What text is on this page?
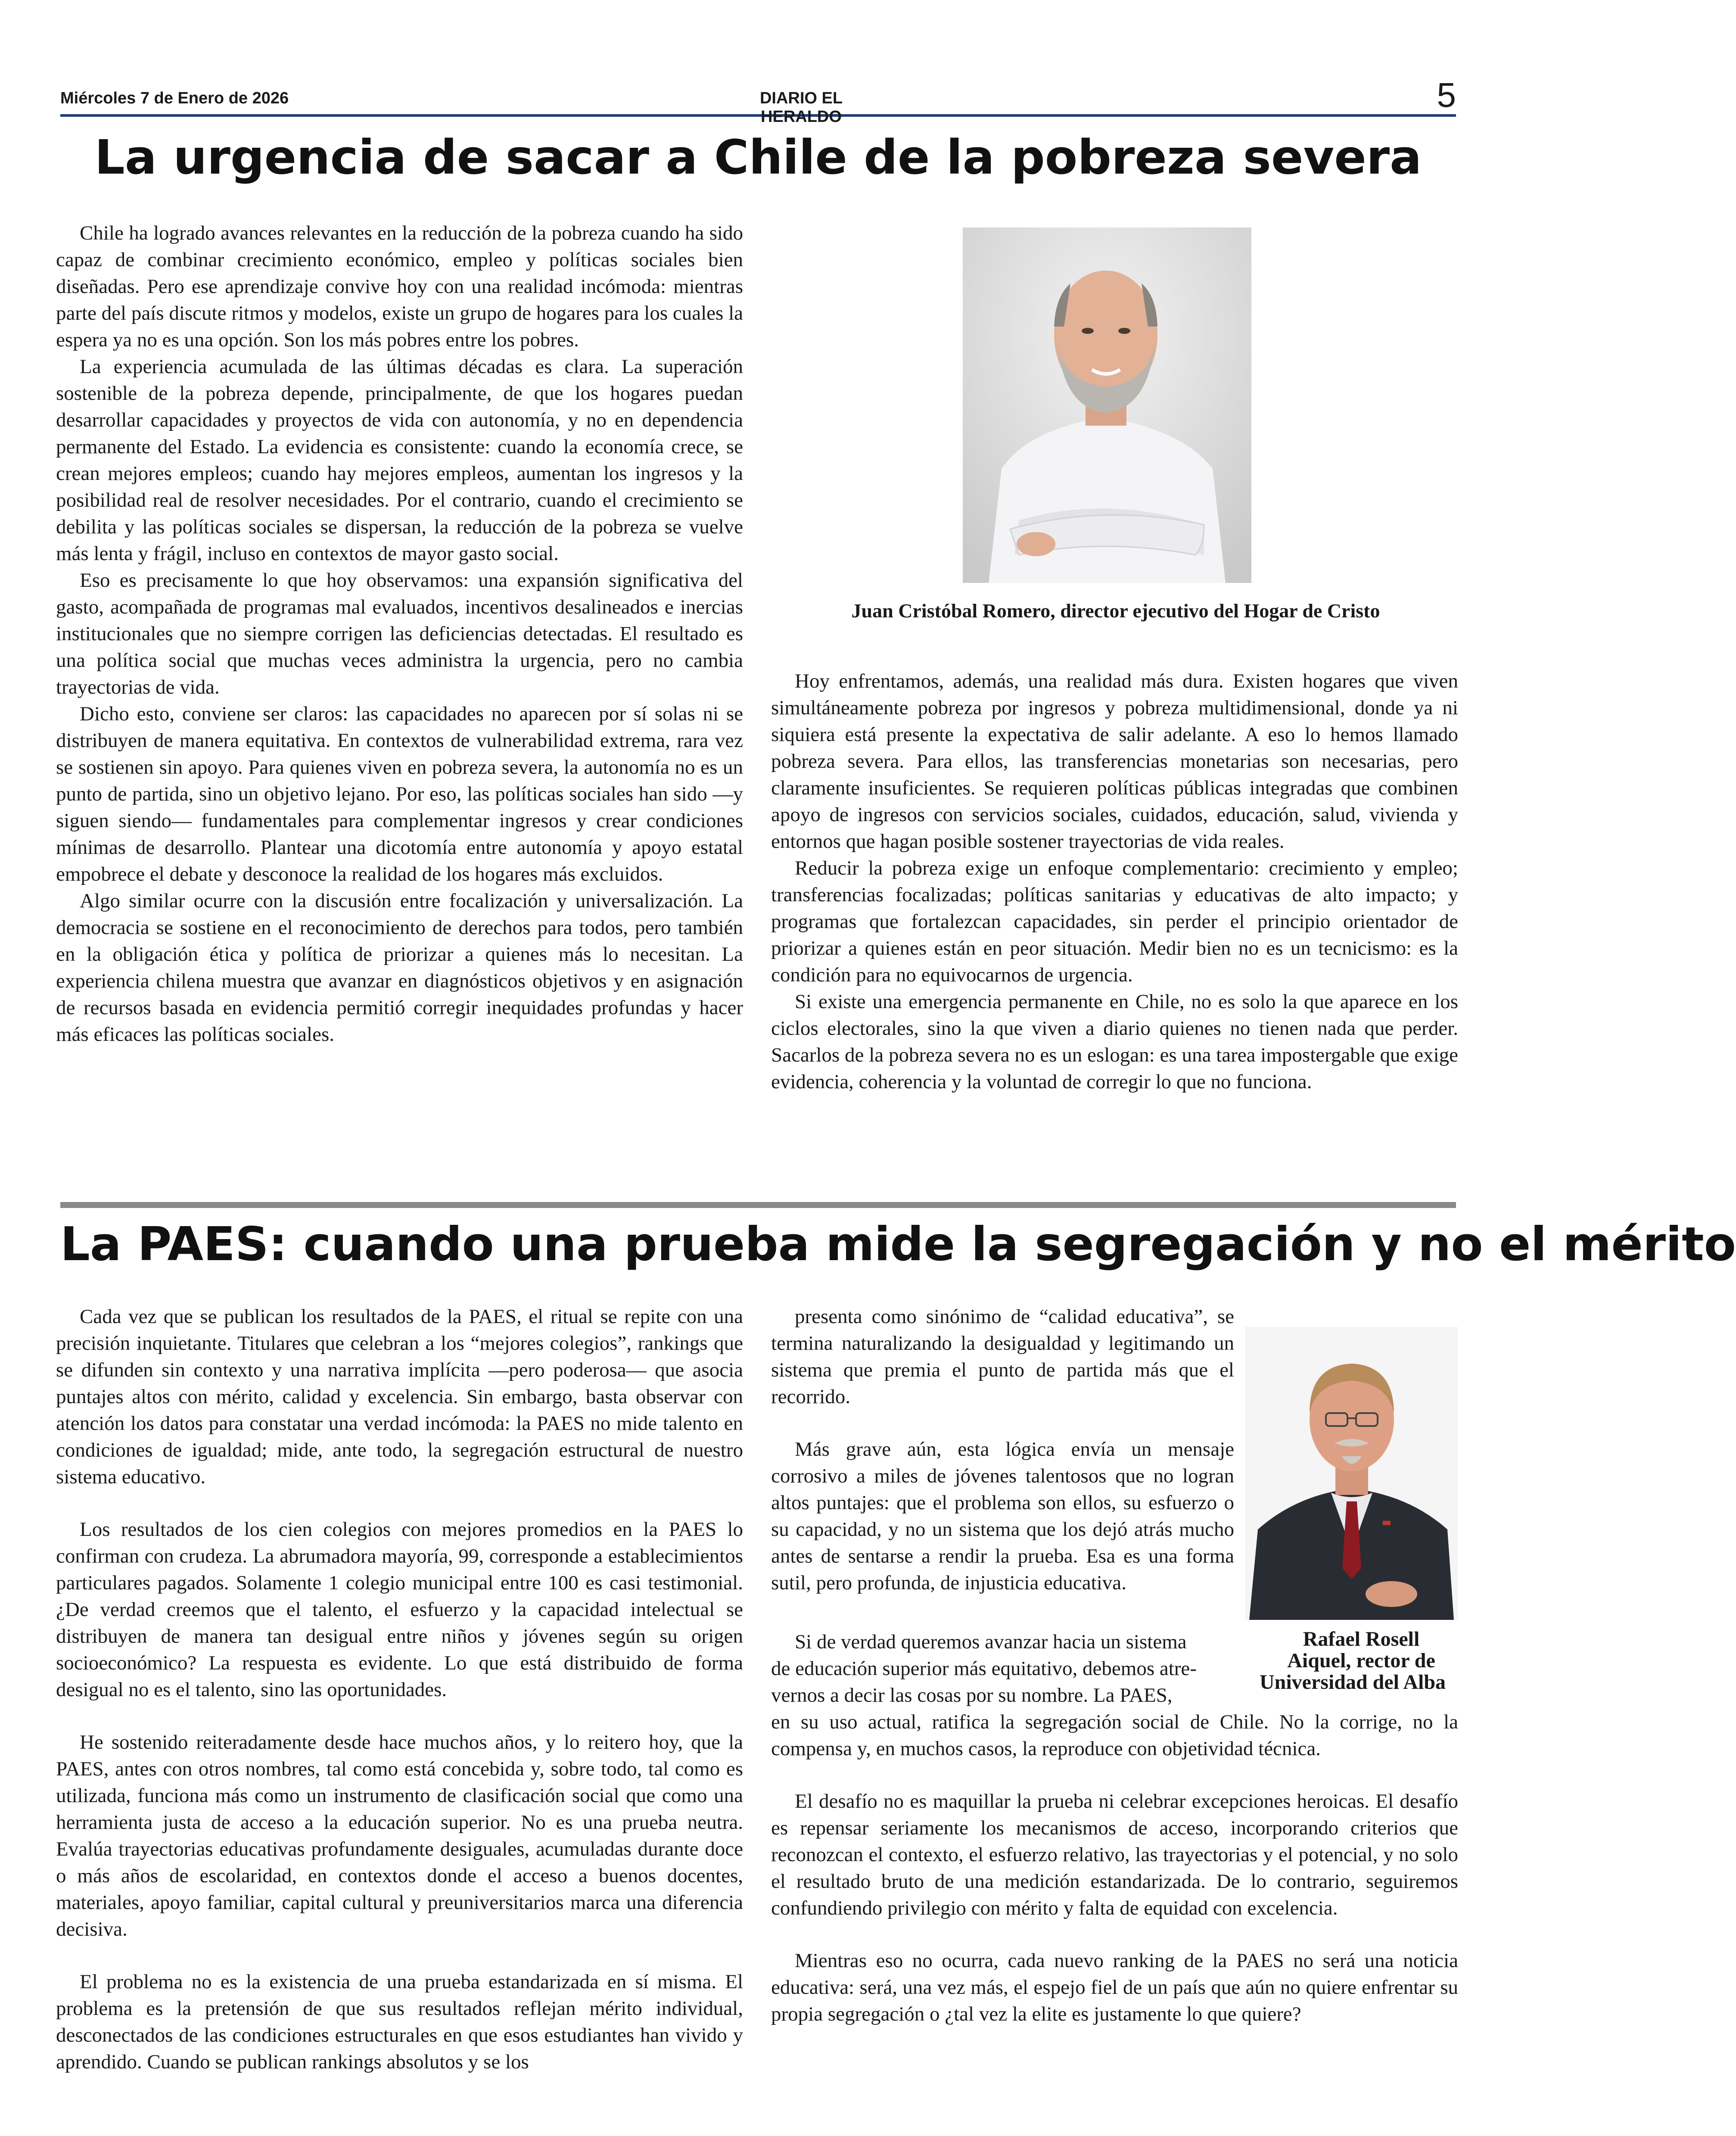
Miércoles 7 de Enero de 2026	DIARIO EL HERALDO
5
La urgencia de sacar a Chile de la pobreza severa

Chile ha logrado avances relevantes en la reducción de la pobreza cuando ha sido capaz de combinar crecimiento económico, empleo y políticas sociales bien diseñadas. Pero ese aprendizaje convive hoy con una realidad incómoda: mientras parte del país discute ritmos y modelos, existe un grupo de hogares para los cuales la espera ya no es una opción. Son los más pobres entre los pobres.

La experiencia acumulada de las últimas décadas es clara. La superación sostenible de la pobreza depende, principalmente, de que los hogares puedan desarrollar capacidades y proyectos de vida con autonomía, y no en dependencia permanente del Estado. La evidencia es consistente: cuando la economía crece, se crean mejores empleos; cuando hay mejores empleos, aumentan los ingresos y la posibilidad real de resolver necesidades. Por el contrario, cuando el crecimiento se debilita y las políticas sociales se dispersan, la reducción de la pobreza se vuelve más lenta y frágil, incluso en contextos de mayor gasto social.

Eso es precisamente lo que hoy observamos: una expansión significativa del gasto, acompañada de programas mal evaluados, incentivos desalineados e inercias institucionales que no siempre corrigen las deficiencias detectadas. El resultado es una política social que muchas veces administra la urgencia, pero no cambia trayectorias de vida.

Dicho esto, conviene ser claros: las capacidades no aparecen por sí solas ni se distribuyen de manera equitativa. En contextos de vulnerabilidad extrema, rara vez se sostienen sin apoyo. Para quienes viven en pobreza severa, la autonomía no es un punto de partida, sino un objetivo lejano. Por eso, las políticas sociales han sido —y siguen siendo— fundamentales para complementar ingresos y crear condiciones mínimas de desarrollo. Plantear una dicotomía entre autonomía y apoyo estatal empobrece el debate y desconoce la realidad de los hogares más excluidos.

Algo similar ocurre con la discusión entre focalización y universalización. La democracia se sostiene en el reconocimiento de derechos para todos, pero también en la obligación ética y política de priorizar a quienes más lo necesitan. La experiencia chilena muestra que avanzar en diagnósticos objetivos y en asignación de recursos basada en evidencia permitió corregir inequidades profundas y hacer más eficaces las políticas sociales.

Juan Cristóbal Romero, director ejecutivo del Hogar de Cristo

Hoy enfrentamos, además, una realidad más dura. Existen hogares que viven simultáneamente pobreza por ingresos y pobreza multidimensional, donde ya ni siquiera está presente la expectativa de salir adelante. A eso lo hemos llamado pobreza severa. Para ellos, las transferencias monetarias son necesarias, pero claramente insuficientes. Se requieren políticas públicas integradas que combinen apoyo de ingresos con servicios sociales, cuidados, educación, salud, vivienda y entornos que hagan posible sostener trayectorias de vida reales.

Reducir la pobreza exige un enfoque complementario: crecimiento y empleo; transferencias focalizadas; políticas sanitarias y educativas de alto impacto; y programas que fortalezcan capacidades, sin perder el principio orientador de priorizar a quienes están en peor situación. Medir bien no es un tecnicismo: es la condición para no equivocarnos de urgencia.

Si existe una emergencia permanente en Chile, no es solo la que aparece en los ciclos electorales, sino la que viven a diario quienes no tienen nada que perder. Sacarlos de la pobreza severa no es un eslogan: es una tarea impostergable que exige evidencia, coherencia y la voluntad de corregir lo que no funciona.

La PAES: cuando una prueba mide la segregación y no el mérito

Cada vez que se publican los resultados de la PAES, el ritual se repite con una precisión inquietante. Titulares que celebran a los “mejores colegios”, rankings que se difunden sin contexto y una narrativa implícita —pero poderosa— que asocia puntajes altos con mérito, calidad y excelencia. Sin embargo, basta observar con atención los datos para constatar una verdad incómoda: la PAES no mide talento en condiciones de igualdad; mide, ante todo, la segregación estructural de nuestro sistema educativo.

Los resultados de los cien colegios con mejores promedios en la PAES lo confirman con crudeza. La abrumadora mayoría, 99, corresponde a establecimientos particulares pagados. Solamente 1 colegio municipal entre 100 es casi testimonial. ¿De verdad creemos que el talento, el esfuerzo y la capacidad intelectual se distribuyen de manera tan desigual entre niños y jóvenes según su origen socioeconómico? La respuesta es evidente. Lo que está distribuido de forma desigual no es el talento, sino las oportunidades.

He sostenido reiteradamente desde hace muchos años, y lo reitero hoy, que la PAES, antes con otros nombres, tal como está concebida y, sobre todo, tal como es utilizada, funciona más como un instrumento de clasificación social que como una herramienta justa de acceso a la educación superior. No es una prueba neutra. Evalúa trayectorias educativas profundamente desiguales, acumuladas durante doce o más años de escolaridad, en contextos donde el acceso a buenos docentes, materiales, apoyo familiar, capital cultural y preuniversitarios marca una diferencia decisiva.

El problema no es la existencia de una prueba estandarizada en sí misma. El problema es la pretensión de que sus resultados reflejan mérito individual, desconectados de las condiciones estructurales en que esos estudiantes han vivido y aprendido. Cuando se publican rankings absolutos y se los

presenta como sinónimo de “calidad educativa”, se termina naturalizando la desigualdad y legitimando un sistema que premia el punto de partida más que el recorrido.

Más grave aún, esta lógica envía un mensaje corrosivo a miles de jóvenes talentosos que no logran altos puntajes: que el problema son ellos, su esfuerzo o su capacidad, y no un sistema que los dejó atrás mucho antes de sentarse a rendir la prueba. Esa es una forma sutil, pero profunda, de injusticia educativa.

Rafael Rosell
Aiquel, rector de
Universidad del Alba
Si de verdad queremos avanzar hacia un sistema
de educación superior más equitativo, debemos atre-
vernos a decir las cosas por su nombre. La PAES,
en su uso actual, ratifica la segregación social de Chile. No la corrige, no la compensa y, en muchos casos, la reproduce con objetividad técnica.

El desafío no es maquillar la prueba ni celebrar excepciones heroicas. El desafío es repensar seriamente los mecanismos de acceso, incorporando criterios que reconozcan el contexto, el esfuerzo relativo, las trayectorias y el potencial, y no solo el resultado bruto de una medición estandarizada. De lo contrario, seguiremos confundiendo privilegio con mérito y falta de equidad con excelencia.

Mientras eso no ocurra, cada nuevo ranking de la PAES no será una noticia educativa: será, una vez más, el espejo fiel de un país que aún no quiere enfrentar su propia segregación o ¿tal vez la elite es justamente lo que quiere?
